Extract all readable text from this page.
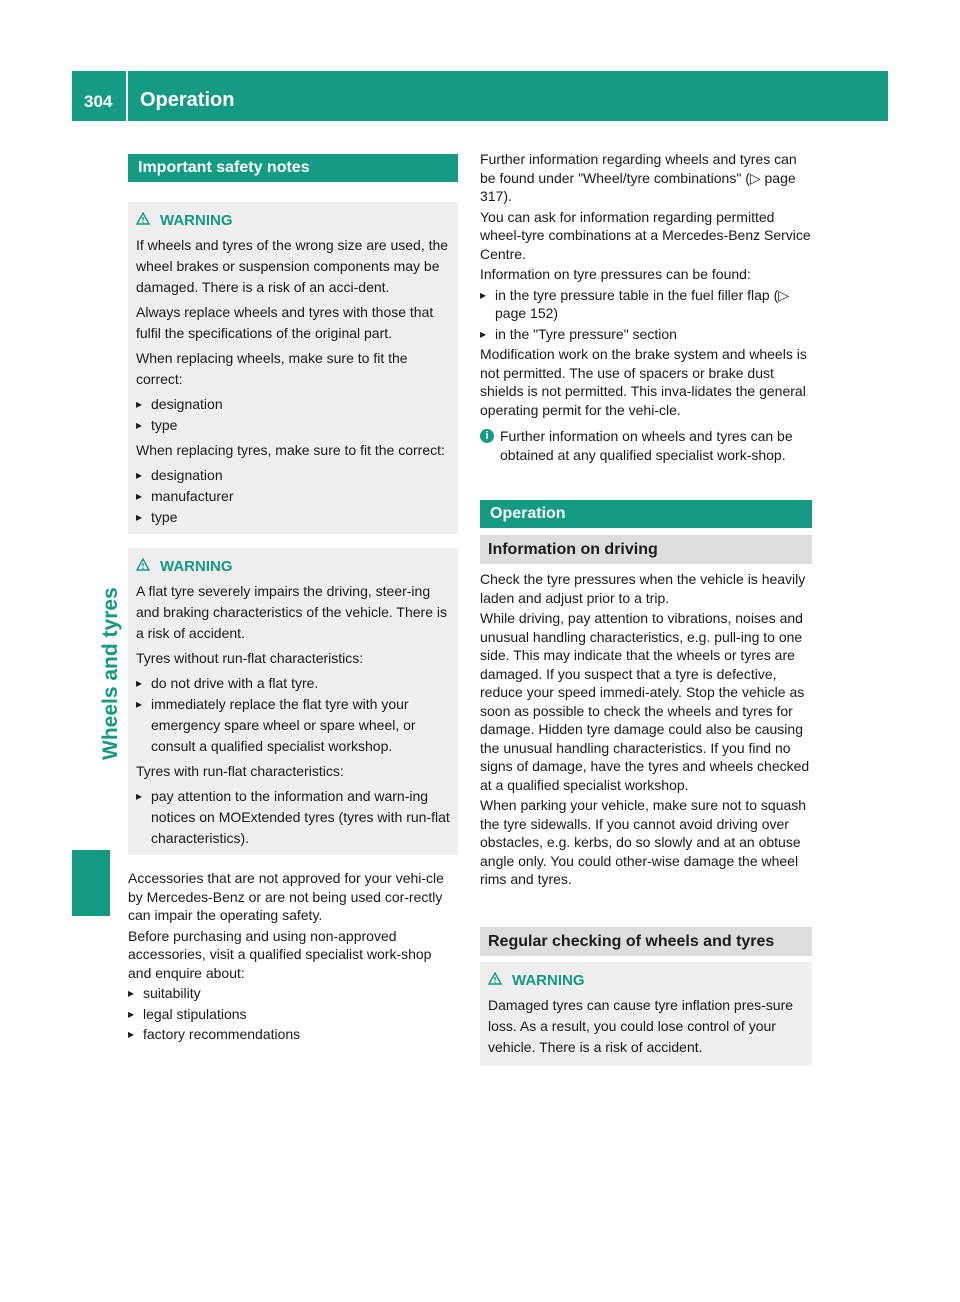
304 Operation
Wheels and tyres
Important safety notes
WARNING

If wheels and tyres of the wrong size are used, the wheel brakes or suspension components may be damaged. There is a risk of an acci-dent.

Always replace wheels and tyres with those that fulfil the specifications of the original part.

When replacing wheels, make sure to fit the correct:

▸ designation
▸ type

When replacing tyres, make sure to fit the correct:

▸ designation
▸ manufacturer
▸ type
WARNING

A flat tyre severely impairs the driving, steer-ing and braking characteristics of the vehicle. There is a risk of accident.

Tyres without run-flat characteristics:

▸ do not drive with a flat tyre.
▸ immediately replace the flat tyre with your emergency spare wheel or spare wheel, or consult a qualified specialist workshop.

Tyres with run-flat characteristics:

▸ pay attention to the information and warn-ing notices on MOExtended tyres (tyres with run-flat characteristics).

Accessories that are not approved for your vehi-cle by Mercedes-Benz or are not being used cor-rectly can impair the operating safety.

Before purchasing and using non-approved accessories, visit a qualified specialist work-shop and enquire about:

▸ suitability
▸ legal stipulations
▸ factory recommendations

Further information regarding wheels and tyres can be found under "Wheel/tyre combinations" (▷ page 317).

You can ask for information regarding permitted wheel-tyre combinations at a Mercedes-Benz Service Centre.

Information on tyre pressures can be found:

▸ in the tyre pressure table in the fuel filler flap (▷ page 152)
▸ in the "Tyre pressure" section

Modification work on the brake system and wheels is not permitted. The use of spacers or brake dust shields is not permitted. This inva-lidates the general operating permit for the vehi-cle.

i Further information on wheels and tyres can be obtained at any qualified specialist work-shop.

Operation
Information on driving

Check the tyre pressures when the vehicle is heavily laden and adjust prior to a trip.

While driving, pay attention to vibrations, noises and unusual handling characteristics, e.g. pull-ing to one side. This may indicate that the wheels or tyres are damaged. If you suspect that a tyre is defective, reduce your speed immedi-ately. Stop the vehicle as soon as possible to check the wheels and tyres for damage. Hidden tyre damage could also be causing the unusual handling characteristics. If you find no signs of damage, have the tyres and wheels checked at a qualified specialist workshop.

When parking your vehicle, make sure not to squash the tyre sidewalls. If you cannot avoid driving over obstacles, e.g. kerbs, do so slowly and at an obtuse angle only. You could other-wise damage the wheel rims and tyres.

Regular checking of wheels and tyres
WARNING

Damaged tyres can cause tyre inflation pres-sure loss. As a result, you could lose control of your vehicle. There is a risk of accident.
